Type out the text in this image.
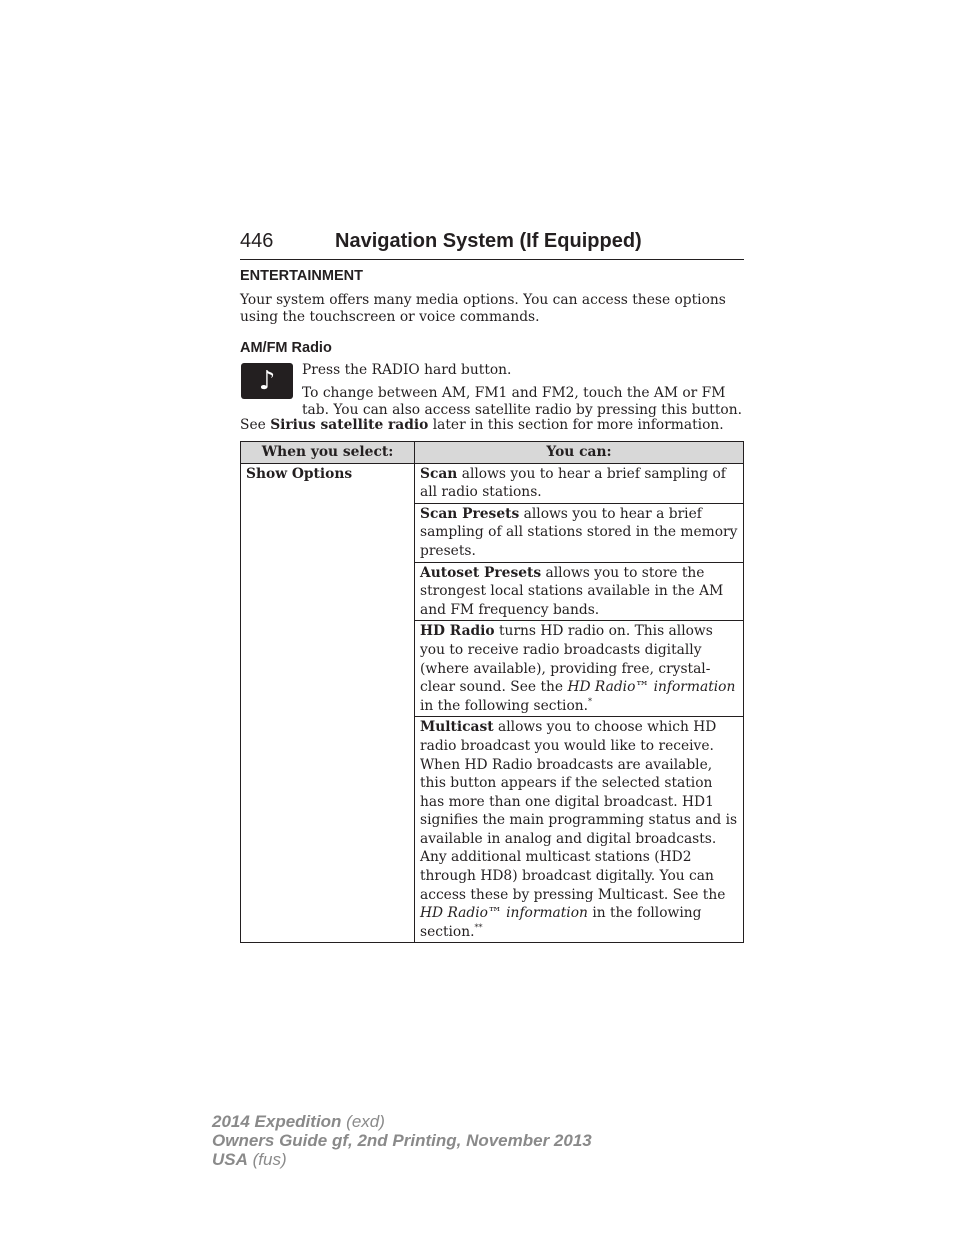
446	Navigation System (If Equipped)
ENTERTAINMENT

Your system offers many media options. You can access these options using the touchscreen or voice commands.

AM/FM Radio
♪	Press the RADIO hard button.

To change between AM, FM1 and FM2, touch the AM or FM tab. You can also access satellite radio by pressing this button.

See Sirius satellite radio later in this section for more information.

When you select:	You can:
Show Options	Scan allows you to hear a brief sampling of all radio stations.
	Scan Presets allows you to hear a brief sampling of all stations stored in the memory presets.
	Autoset Presets allows you to store the strongest local stations available in the AM and FM frequency bands.
	HD Radio turns HD radio on. This allows you to receive radio broadcasts digitally (where available), providing free, crystal-clear sound. See the HD Radio™ information in the following section.*
	Multicast allows you to choose which HD radio broadcast you would like to receive. When HD Radio broadcasts are available, this button appears if the selected station has more than one digital broadcast. HD1 signifies the main programming status and is available in analog and digital broadcasts. Any additional multicast stations (HD2 through HD8) broadcast digitally. You can access these by pressing Multicast. See the HD Radio™ information in the following section.**
2014 Expedition (exd)
Owners Guide gf, 2nd Printing, November 2013
USA (fus)
